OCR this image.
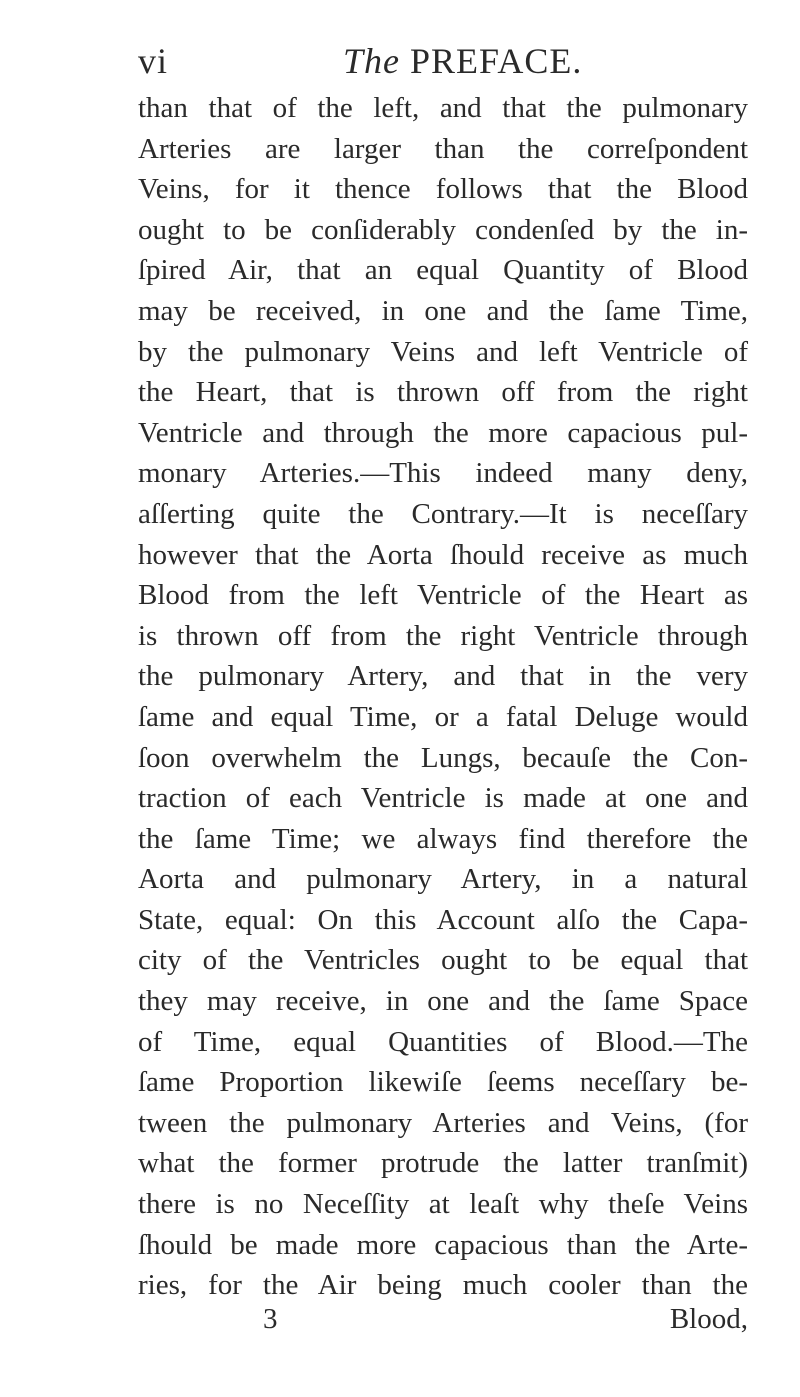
vi	The PREFACE.
than that of the left, and that the pulmonary
Arteries are larger than the correſpondent
Veins, for it thence follows that the Blood
ought to be conſiderably condenſed by the in-
ſpired Air, that an equal Quantity of Blood
may be received, in one and the ſame Time,
by the pulmonary Veins and left Ventricle of
the Heart, that is thrown off from the right
Ventricle and through the more capacious pul-
monary Arteries.—This indeed many deny,
aſſerting quite the Contrary.—It is neceſſary
however that the Aorta ſhould receive as much
Blood from the left Ventricle of the Heart as
is thrown off from the right Ventricle through
the pulmonary Artery, and that in the very
ſame and equal Time, or a fatal Deluge would
ſoon overwhelm the Lungs, becauſe the Con-
traction of each Ventricle is made at one and
the ſame Time; we always find therefore the
Aorta and pulmonary Artery, in a natural
State, equal: On this Account alſo the Capa-
city of the Ventricles ought to be equal that
they may receive, in one and the ſame Space
of Time, equal Quantities of Blood.—The
ſame Proportion likewiſe ſeems neceſſary be-
tween the pulmonary Arteries and Veins, (for
what the former protrude the latter tranſmit)
there is no Neceſſity at leaſt why theſe Veins
ſhould be made more capacious than the Arte-
ries, for the Air being much cooler than the
3	Blood,
